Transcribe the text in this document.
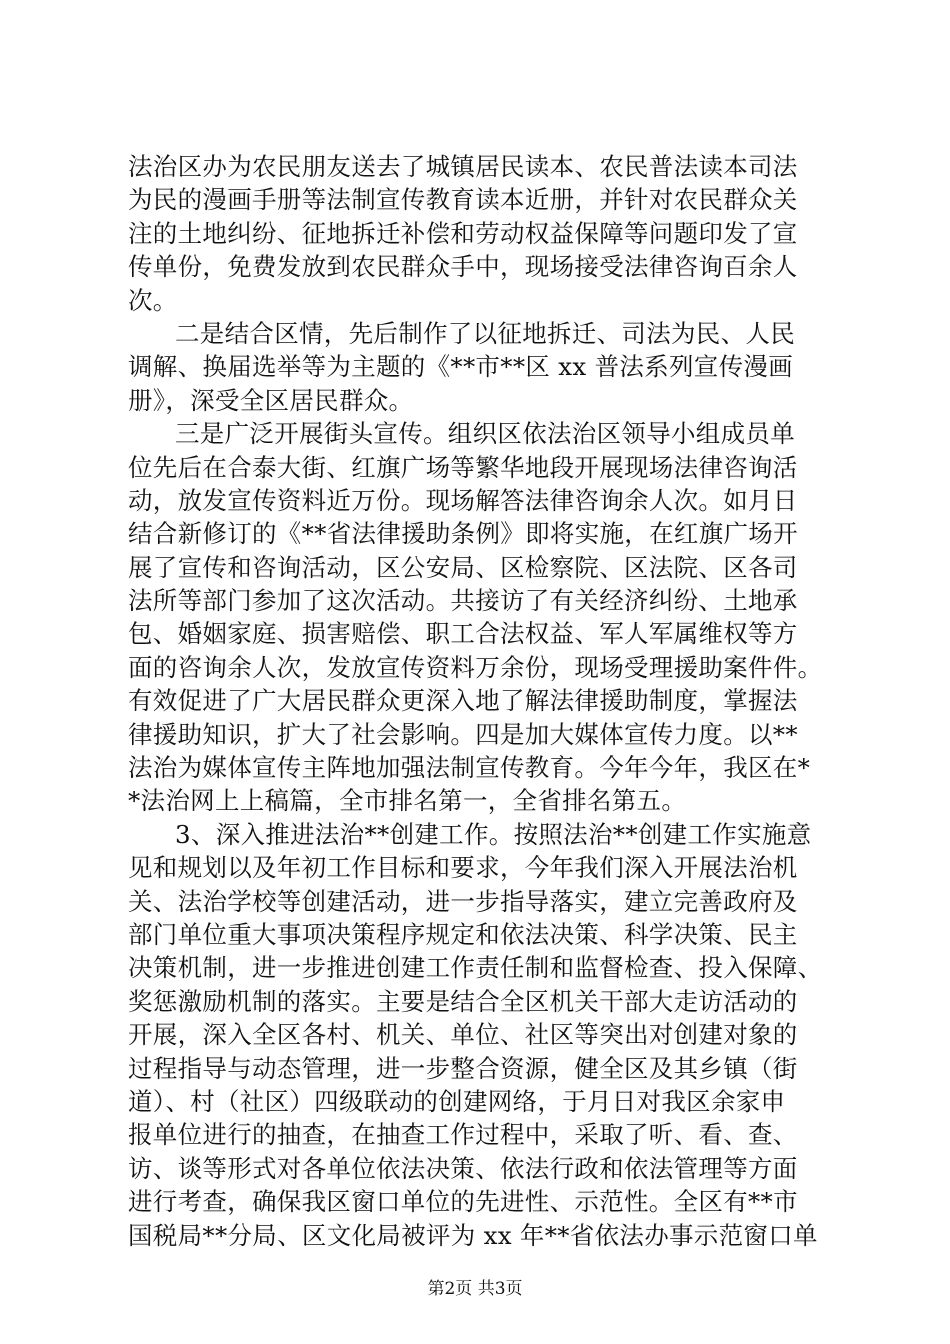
法治区办为农民朋友送去了城镇居民读本、农民普法读本司法
为民的漫画手册等法制宣传教育读本近册，并针对农民群众关
注的土地纠纷、征地拆迁补偿和劳动权益保障等问题印发了宣
传单份，免费发放到农民群众手中，现场接受法律咨询百余人
次。
二是结合区情，先后制作了以征地拆迁、司法为民、人民
调解、换届选举等为主题的《**市**区 xx 普法系列宣传漫画
册》，深受全区居民群众。
三是广泛开展街头宣传。组织区依法治区领导小组成员单
位先后在合泰大街、红旗广场等繁华地段开展现场法律咨询活
动，放发宣传资料近万份。现场解答法律咨询余人次。如月日
结合新修订的《**省法律援助条例》即将实施，在红旗广场开
展了宣传和咨询活动，区公安局、区检察院、区法院、区各司
法所等部门参加了这次活动。共接访了有关经济纠纷、土地承
包、婚姻家庭、损害赔偿、职工合法权益、军人军属维权等方
面的咨询余人次，发放宣传资料万余份，现场受理援助案件件。
有效促进了广大居民群众更深入地了解法律援助制度，掌握法
律援助知识，扩大了社会影响。四是加大媒体宣传力度。以**
法治为媒体宣传主阵地加强法制宣传教育。今年今年，我区在*
*法治网上上稿篇，全市排名第一，全省排名第五。
3、深入推进法治**创建工作。按照法治**创建工作实施意
见和规划以及年初工作目标和要求，今年我们深入开展法治机
关、法治学校等创建活动，进一步指导落实，建立完善政府及
部门单位重大事项决策程序规定和依法决策、科学决策、民主
决策机制，进一步推进创建工作责任制和监督检查、投入保障、
奖惩激励机制的落实。主要是结合全区机关干部大走访活动的
开展，深入全区各村、机关、单位、社区等突出对创建对象的
过程指导与动态管理，进一步整合资源，健全区及其乡镇（街
道）、村（社区）四级联动的创建网络，于月日对我区余家申
报单位进行的抽查，在抽查工作过程中，采取了听、看、查、
访、谈等形式对各单位依法决策、依法行政和依法管理等方面
进行考查，确保我区窗口单位的先进性、示范性。全区有**市
国税局**分局、区文化局被评为 xx 年**省依法办事示范窗口单
第2页 共3页
